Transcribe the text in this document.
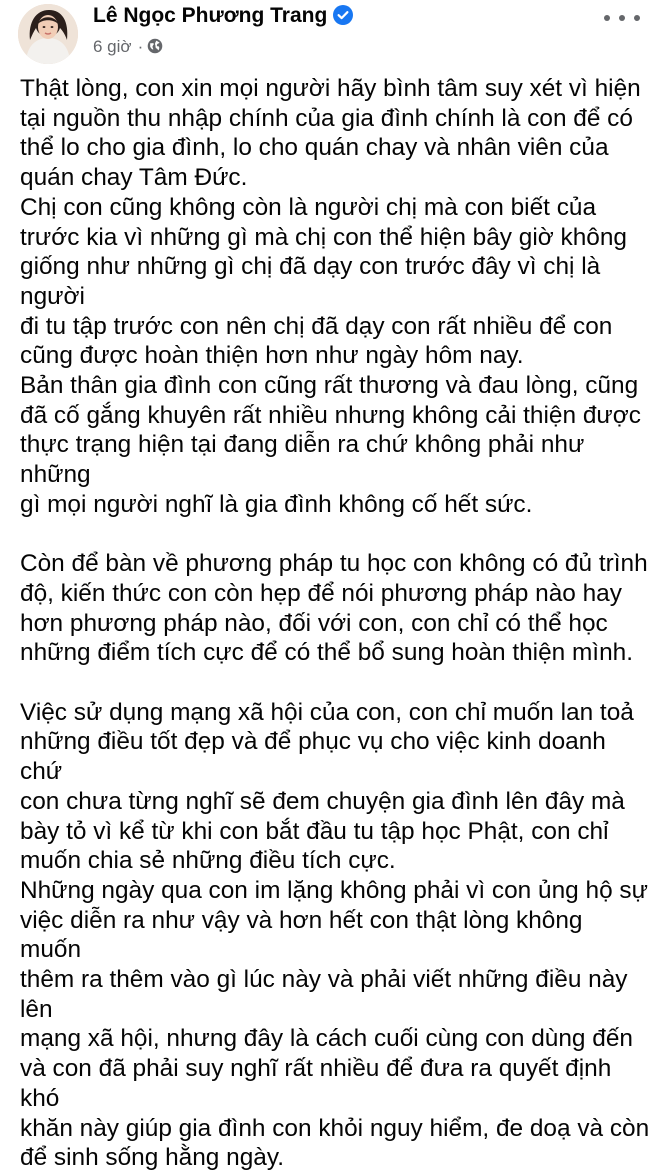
Lê Ngọc Phương Trang
6 giờ ·

Thật lòng, con xin mọi người hãy bình tâm suy xét vì hiện
tại nguồn thu nhập chính của gia đình chính là con để có
thể lo cho gia đình, lo cho quán chay và nhân viên của
quán chay Tâm Đức.
Chị con cũng không còn là người chị mà con biết của
trước kia vì những gì mà chị con thể hiện bây giờ không
giống như những gì chị đã dạy con trước đây vì chị là người
đi tu tập trước con nên chị đã dạy con rất nhiều để con
cũng được hoàn thiện hơn như ngày hôm nay.
Bản thân gia đình con cũng rất thương và đau lòng, cũng
đã cố gắng khuyên rất nhiều nhưng không cải thiện được
thực trạng hiện tại đang diễn ra chứ không phải như những
gì mọi người nghĩ là gia đình không cố hết sức.

Còn để bàn về phương pháp tu học con không có đủ trình
độ, kiến thức con còn hẹp để nói phương pháp nào hay
hơn phương pháp nào, đối với con, con chỉ có thể học
những điểm tích cực để có thể bổ sung hoàn thiện mình.

Việc sử dụng mạng xã hội của con, con chỉ muốn lan toả
những điều tốt đẹp và để phục vụ cho việc kinh doanh chứ
con chưa từng nghĩ sẽ đem chuyện gia đình lên đây mà
bày tỏ vì kể từ khi con bắt đầu tu tập học Phật, con chỉ
muốn chia sẻ những điều tích cực.
Những ngày qua con im lặng không phải vì con ủng hộ sự
việc diễn ra như vậy và hơn hết con thật lòng không muốn
thêm ra thêm vào gì lúc này và phải viết những điều này lên
mạng xã hội, nhưng đây là cách cuối cùng con dùng đến
và con đã phải suy nghĩ rất nhiều để đưa ra quyết định khó
khăn này giúp gia đình con khỏi nguy hiểm, đe doạ và còn
để sinh sống hằng ngày.
